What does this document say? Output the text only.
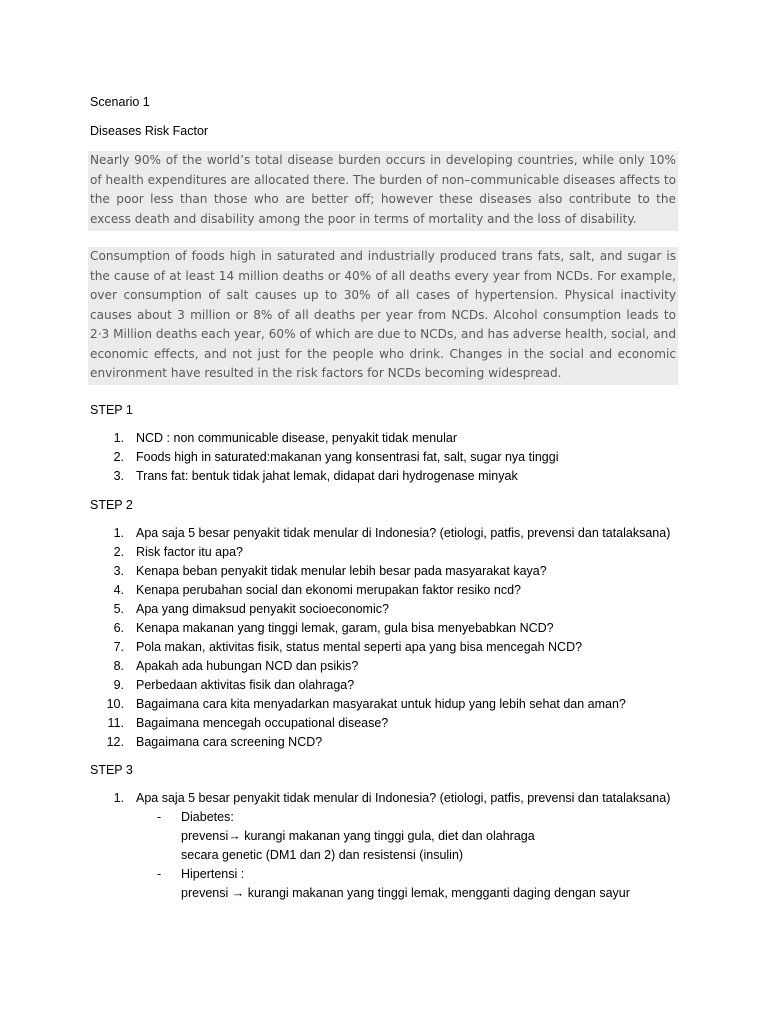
Scenario 1
Diseases Risk Factor

Nearly 90% of the world’s total disease burden occurs in developing countries, while only 10% of health expenditures are allocated there. The burden of non–communicable diseases affects to the poor less than those who are better off; however these diseases also contribute to the excess death and disability among the poor in terms of mortality and the loss of disability.

Consumption of foods high in saturated and industrially produced trans fats, salt, and sugar is the cause of at least 14 million deaths or 40% of all deaths every year from NCDs. For example, over consumption of salt causes up to 30% of all cases of hypertension. Physical inactivity causes about 3 million or 8% of all deaths per year from NCDs. Alcohol consumption leads to 2·3 Million deaths each year, 60% of which are due to NCDs, and has adverse health, social, and economic effects, and not just for the people who drink. Changes in the social and economic environment have resulted in the risk factors for NCDs becoming widespread.

STEP 1
1. NCD : non communicable disease, penyakit tidak menular
2. Foods high in saturated:makanan yang konsentrasi fat, salt, sugar nya tinggi
3. Trans fat: bentuk tidak jahat lemak, didapat dari hydrogenase minyak
STEP 2
1. Apa saja 5 besar penyakit tidak menular di Indonesia? (etiologi, patfis, prevensi dan tatalaksana)
2. Risk factor itu apa?
3. Kenapa beban penyakit tidak menular lebih besar pada masyarakat kaya?
4. Kenapa perubahan social dan ekonomi merupakan faktor resiko ncd?
5. Apa yang dimaksud penyakit socioeconomic?
6. Kenapa makanan yang tinggi lemak, garam, gula bisa menyebabkan NCD?
7. Pola makan, aktivitas fisik, status mental seperti apa yang bisa mencegah NCD?
8. Apakah ada hubungan NCD dan psikis?
9. Perbedaan aktivitas fisik dan olahraga?
10. Bagaimana cara kita menyadarkan masyarakat untuk hidup yang lebih sehat dan aman?
11. Bagaimana mencegah occupational disease?
12. Bagaimana cara screening NCD?
STEP 3
1. Apa saja 5 besar penyakit tidak menular di Indonesia? (etiologi, patfis, prevensi dan tatalaksana)
- Diabetes:
prevensi→ kurangi makanan yang tinggi gula, diet dan olahraga
secara genetic (DM1 dan 2) dan resistensi (insulin)
- Hipertensi :
prevensi → kurangi makanan yang tinggi lemak, mengganti daging dengan sayur
